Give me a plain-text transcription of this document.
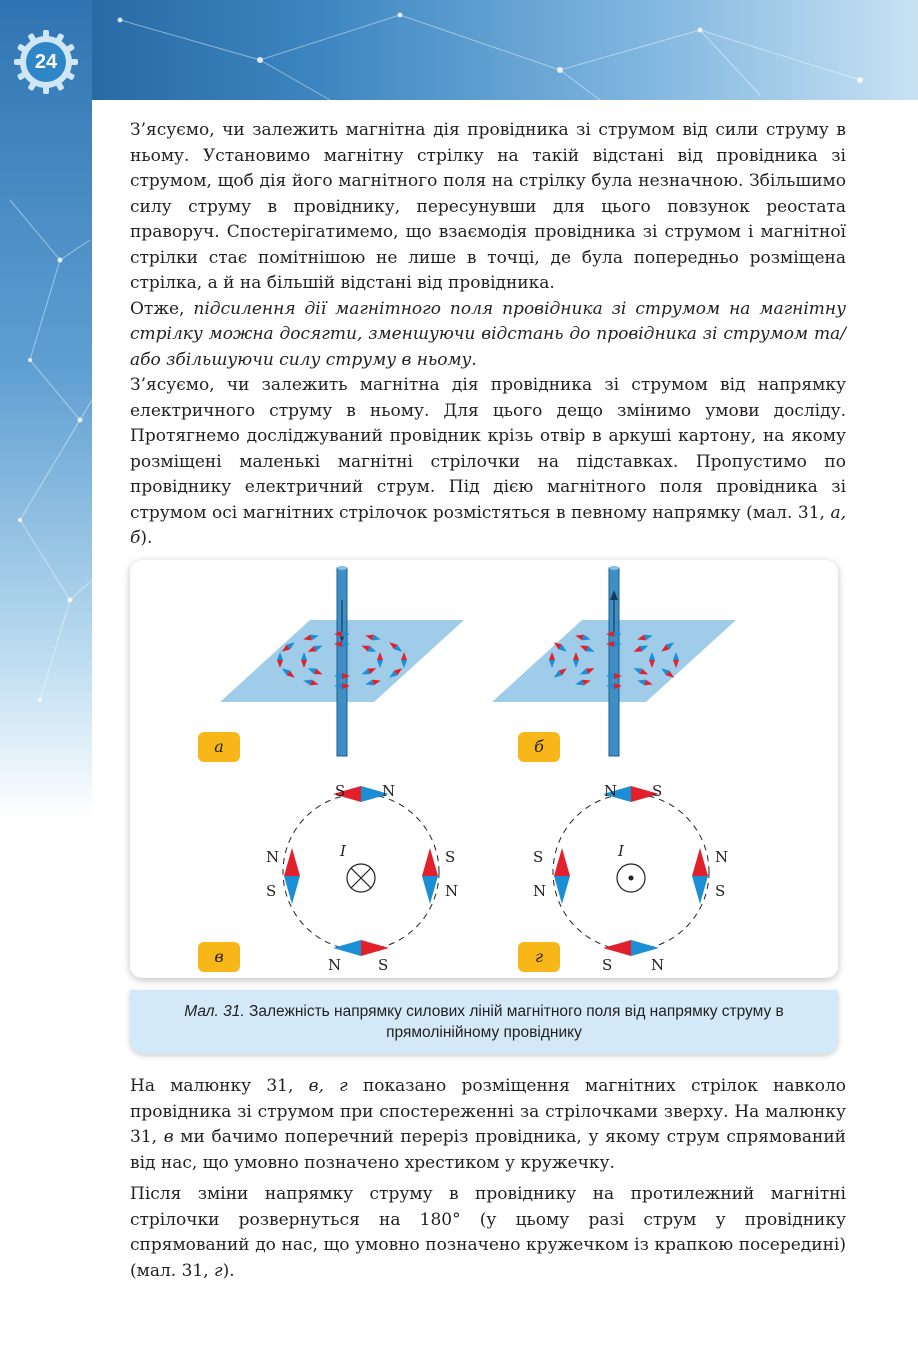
24

З’ясуємо, чи залежить магнітна дія провідника зі струмом від сили струму в ньому. Установимо магнітну стрілку на такій відстані від провідника зі струмом, щоб дія його магнітного поля на стрілку була незначною. Збільшимо силу струму в провіднику, пересунувши для цього повзунок реостата праворуч. Спостерігатимемо, що взаємодія провідника зі струмом і магнітної стрілки стає помітнішою не лише в точці, де була попередньо розміщена стрілка, а й на більшій відстані від провідника.

Отже, підсилення дії магнітного поля провідника зі струмом на магнітну стрілку можна досягти, зменшуючи відстань до провідника зі струмом та/або збільшуючи силу струму в ньому.

З’ясуємо, чи залежить магнітна дія провідника зі струмом від напрямку електричного струму в ньому. Для цього дещо змінимо умови досліду. Протягнемо досліджуваний провідник крізь отвір в аркуші картону, на якому розміщені маленькі магнітні стрілочки на підставках. Пропустимо по провіднику електричний струм. Під дією магнітного поля провідника зі струмом осі магнітних стрілочок розмістяться в певному напрямку (мал. 31, а, б).

а	б
в	г
S N
N
S
S
N
N S
I
N S
S
N
N
S
S	N
I
Мал. 31. Залежність напрямку силових ліній магнітного поля від напрямку струму в прямолінійному провіднику

На малюнку 31, в, г показано розміщення магнітних стрілок навколо провідника зі струмом при спостереженні за стрілочками зверху. На малюнку 31, в ми бачимо поперечний переріз провідника, у якому струм спрямований від нас, що умовно позначено хрестиком у кружечку.

Після зміни напрямку струму в провіднику на протилежний магнітні стрілочки розвернуться на 180° (у цьому разі струм у провіднику спрямований до нас, що умовно позначено кружечком із крапкою посередині) (мал. 31, г).
